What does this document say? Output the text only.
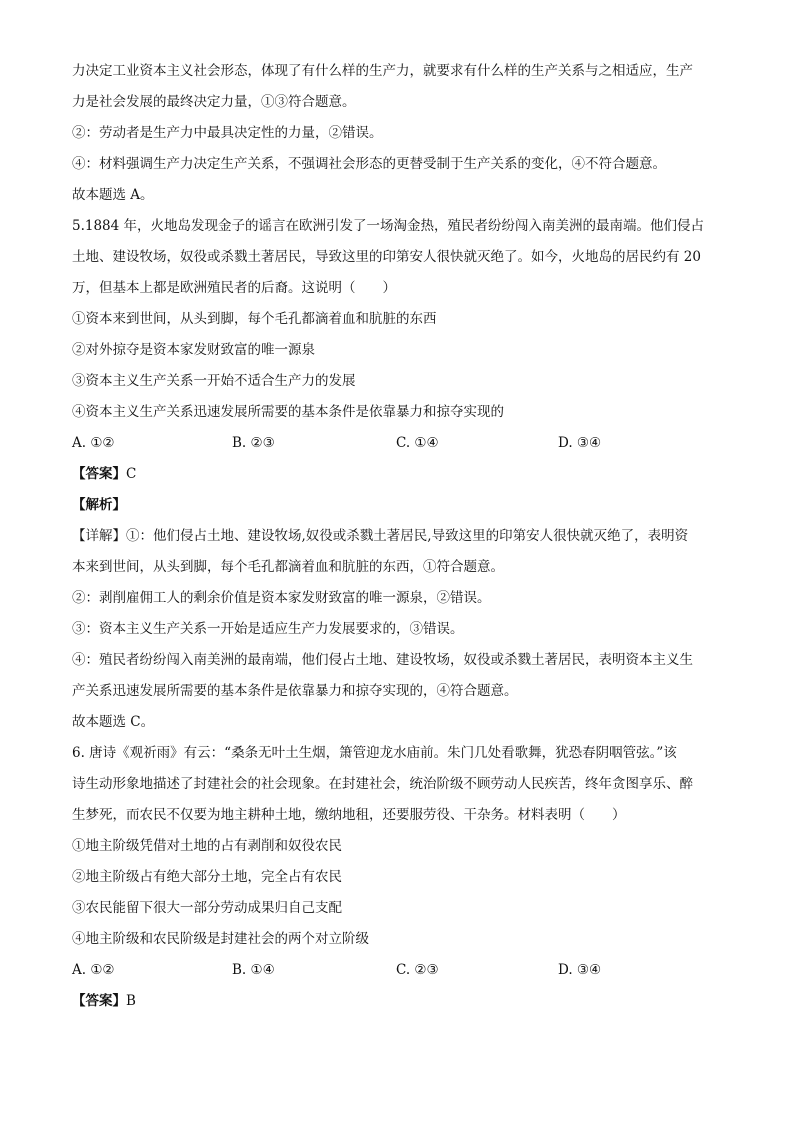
力决定工业资本主义社会形态，体现了有什么样的生产力，就要求有什么样的生产关系与之相适应，生产
力是社会发展的最终决定力量，①③符合题意。
②：劳动者是生产力中最具决定性的力量，②错误。
④：材料强调生产力决定生产关系，不强调社会形态的更替受制于生产关系的变化，④不符合题意。
故本题选 A。
5.1884 年，火地岛发现金子的谣言在欧洲引发了一场淘金热，殖民者纷纷闯入南美洲的最南端。他们侵占
土地、建设牧场，奴役或杀戮土著居民，导致这里的印第安人很快就灭绝了。如今，火地岛的居民约有 20
万，但基本上都是欧洲殖民者的后裔。这说明（　　）
①资本来到世间，从头到脚，每个毛孔都滴着血和肮脏的东西
②对外掠夺是资本家发财致富的唯一源泉
③资本主义生产关系一开始不适合生产力的发展
④资本主义生产关系迅速发展所需要的基本条件是依靠暴力和掠夺实现的
A. ①②	B. ②③	C. ①④	D. ③④
【答案】C
【解析】
【详解】①：他们侵占土地、建设牧场,奴役或杀戮土著居民,导致这里的印第安人很快就灭绝了，表明资
本来到世间，从头到脚，每个毛孔都滴着血和肮脏的东西，①符合题意。
②：剥削雇佣工人的剩余价值是资本家发财致富的唯一源泉，②错误。
③：资本主义生产关系一开始是适应生产力发展要求的，③错误。
④：殖民者纷纷闯入南美洲的最南端，他们侵占土地、建设牧场，奴役或杀戮土著居民，表明资本主义生
产关系迅速发展所需要的基本条件是依靠暴力和掠夺实现的，④符合题意。
故本题选 C。
6. 唐诗《观祈雨》有云：“桑条无叶土生烟，箫管迎龙水庙前。朱门几处看歌舞，犹恐春阴咽管弦。”该
诗生动形象地描述了封建社会的社会现象。在封建社会，统治阶级不顾劳动人民疾苦，终年贪图享乐、醉
生梦死，而农民不仅要为地主耕种土地，缴纳地租，还要服劳役、干杂务。材料表明（　　）
①地主阶级凭借对土地的占有剥削和奴役农民
②地主阶级占有绝大部分土地，完全占有农民
③农民能留下很大一部分劳动成果归自己支配
④地主阶级和农民阶级是封建社会的两个对立阶级
A. ①②	B. ①④	C. ②③	D. ③④
【答案】B
